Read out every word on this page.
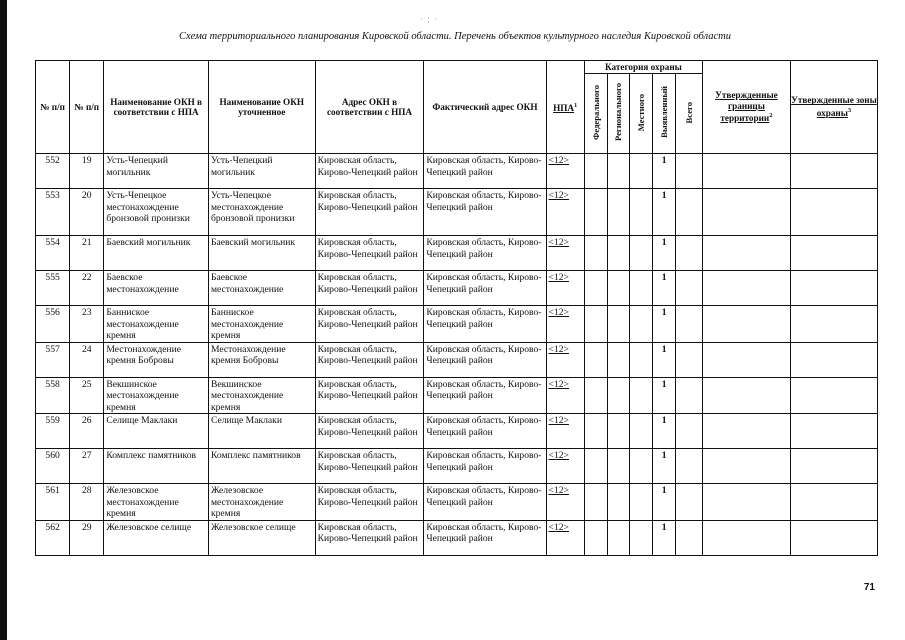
· ; ·
Схема территориального планирования Кировской области. Перечень объектов культурного наследия Кировской области
№ п/п	№ п/п	Наименование ОКН в соответствии с НПА	Наименование ОКН уточненное	Адрес ОКН в соответствии с НПА	Фактический адрес ОКН	НПА$^1$	Категория охраны					Утвержденные границы территории$^2$	Утвержденные зоны охраны$^3$
							Федерального	Регионального	Местного	Выявленный	Всего		
552	19	Усть-Чепецкий могильник	Усть-Чепецкий могильник	Кировская область, Кирово-Чепецкий район	Кировская область, Кирово-Чепецкий район	<12>				1			
553	20	Усть-Чепецкое местонахождение бронзовой пронизки	Усть-Чепецкое местонахождение бронзовой пронизки	Кировская область, Кирово-Чепецкий район	Кировская область, Кирово-Чепецкий район	<12>				1			
554	21	Баевский могильник	Баевский могильник	Кировская область, Кирово-Чепецкий район	Кировская область, Кирово-Чепецкий район	<12>				1			
555	22	Баевское местонахождение	Баевское местонахождение	Кировская область, Кирово-Чепецкий район	Кировская область, Кирово-Чепецкий район	<12>				1			
556	23	Банниское местонахождение кремня	Банниское местонахождение кремня	Кировская область, Кирово-Чепецкий район	Кировская область, Кирово-Чепецкий район	<12>				1			
557	24	Местонахождение кремня Бобровы	Местонахождение кремня Бобровы	Кировская область, Кирово-Чепецкий район	Кировская область, Кирово-Чепецкий район	<12>				1			
558	25	Векшинское местонахождение кремня	Векшинское местонахождение кремня	Кировская область, Кирово-Чепецкий район	Кировская область, Кирово-Чепецкий район	<12>				1			
559	26	Селище Маклаки	Селище Маклаки	Кировская область, Кирово-Чепецкий район	Кировская область, Кирово-Чепецкий район	<12>				1			
560	27	Комплекс памятников	Комплекс памятников	Кировская область, Кирово-Чепецкий район	Кировская область, Кирово-Чепецкий район	<12>				1			
561	28	Железовское местонахождение кремня	Железовское местонахождение кремня	Кировская область, Кирово-Чепецкий район	Кировская область, Кирово-Чепецкий район	<12>				1			
562	29	Железовское селище	Железовское селище	Кировская область, Кирово-Чепецкий район	Кировская область, Кирово-Чепецкий район	<12>				1			
71
